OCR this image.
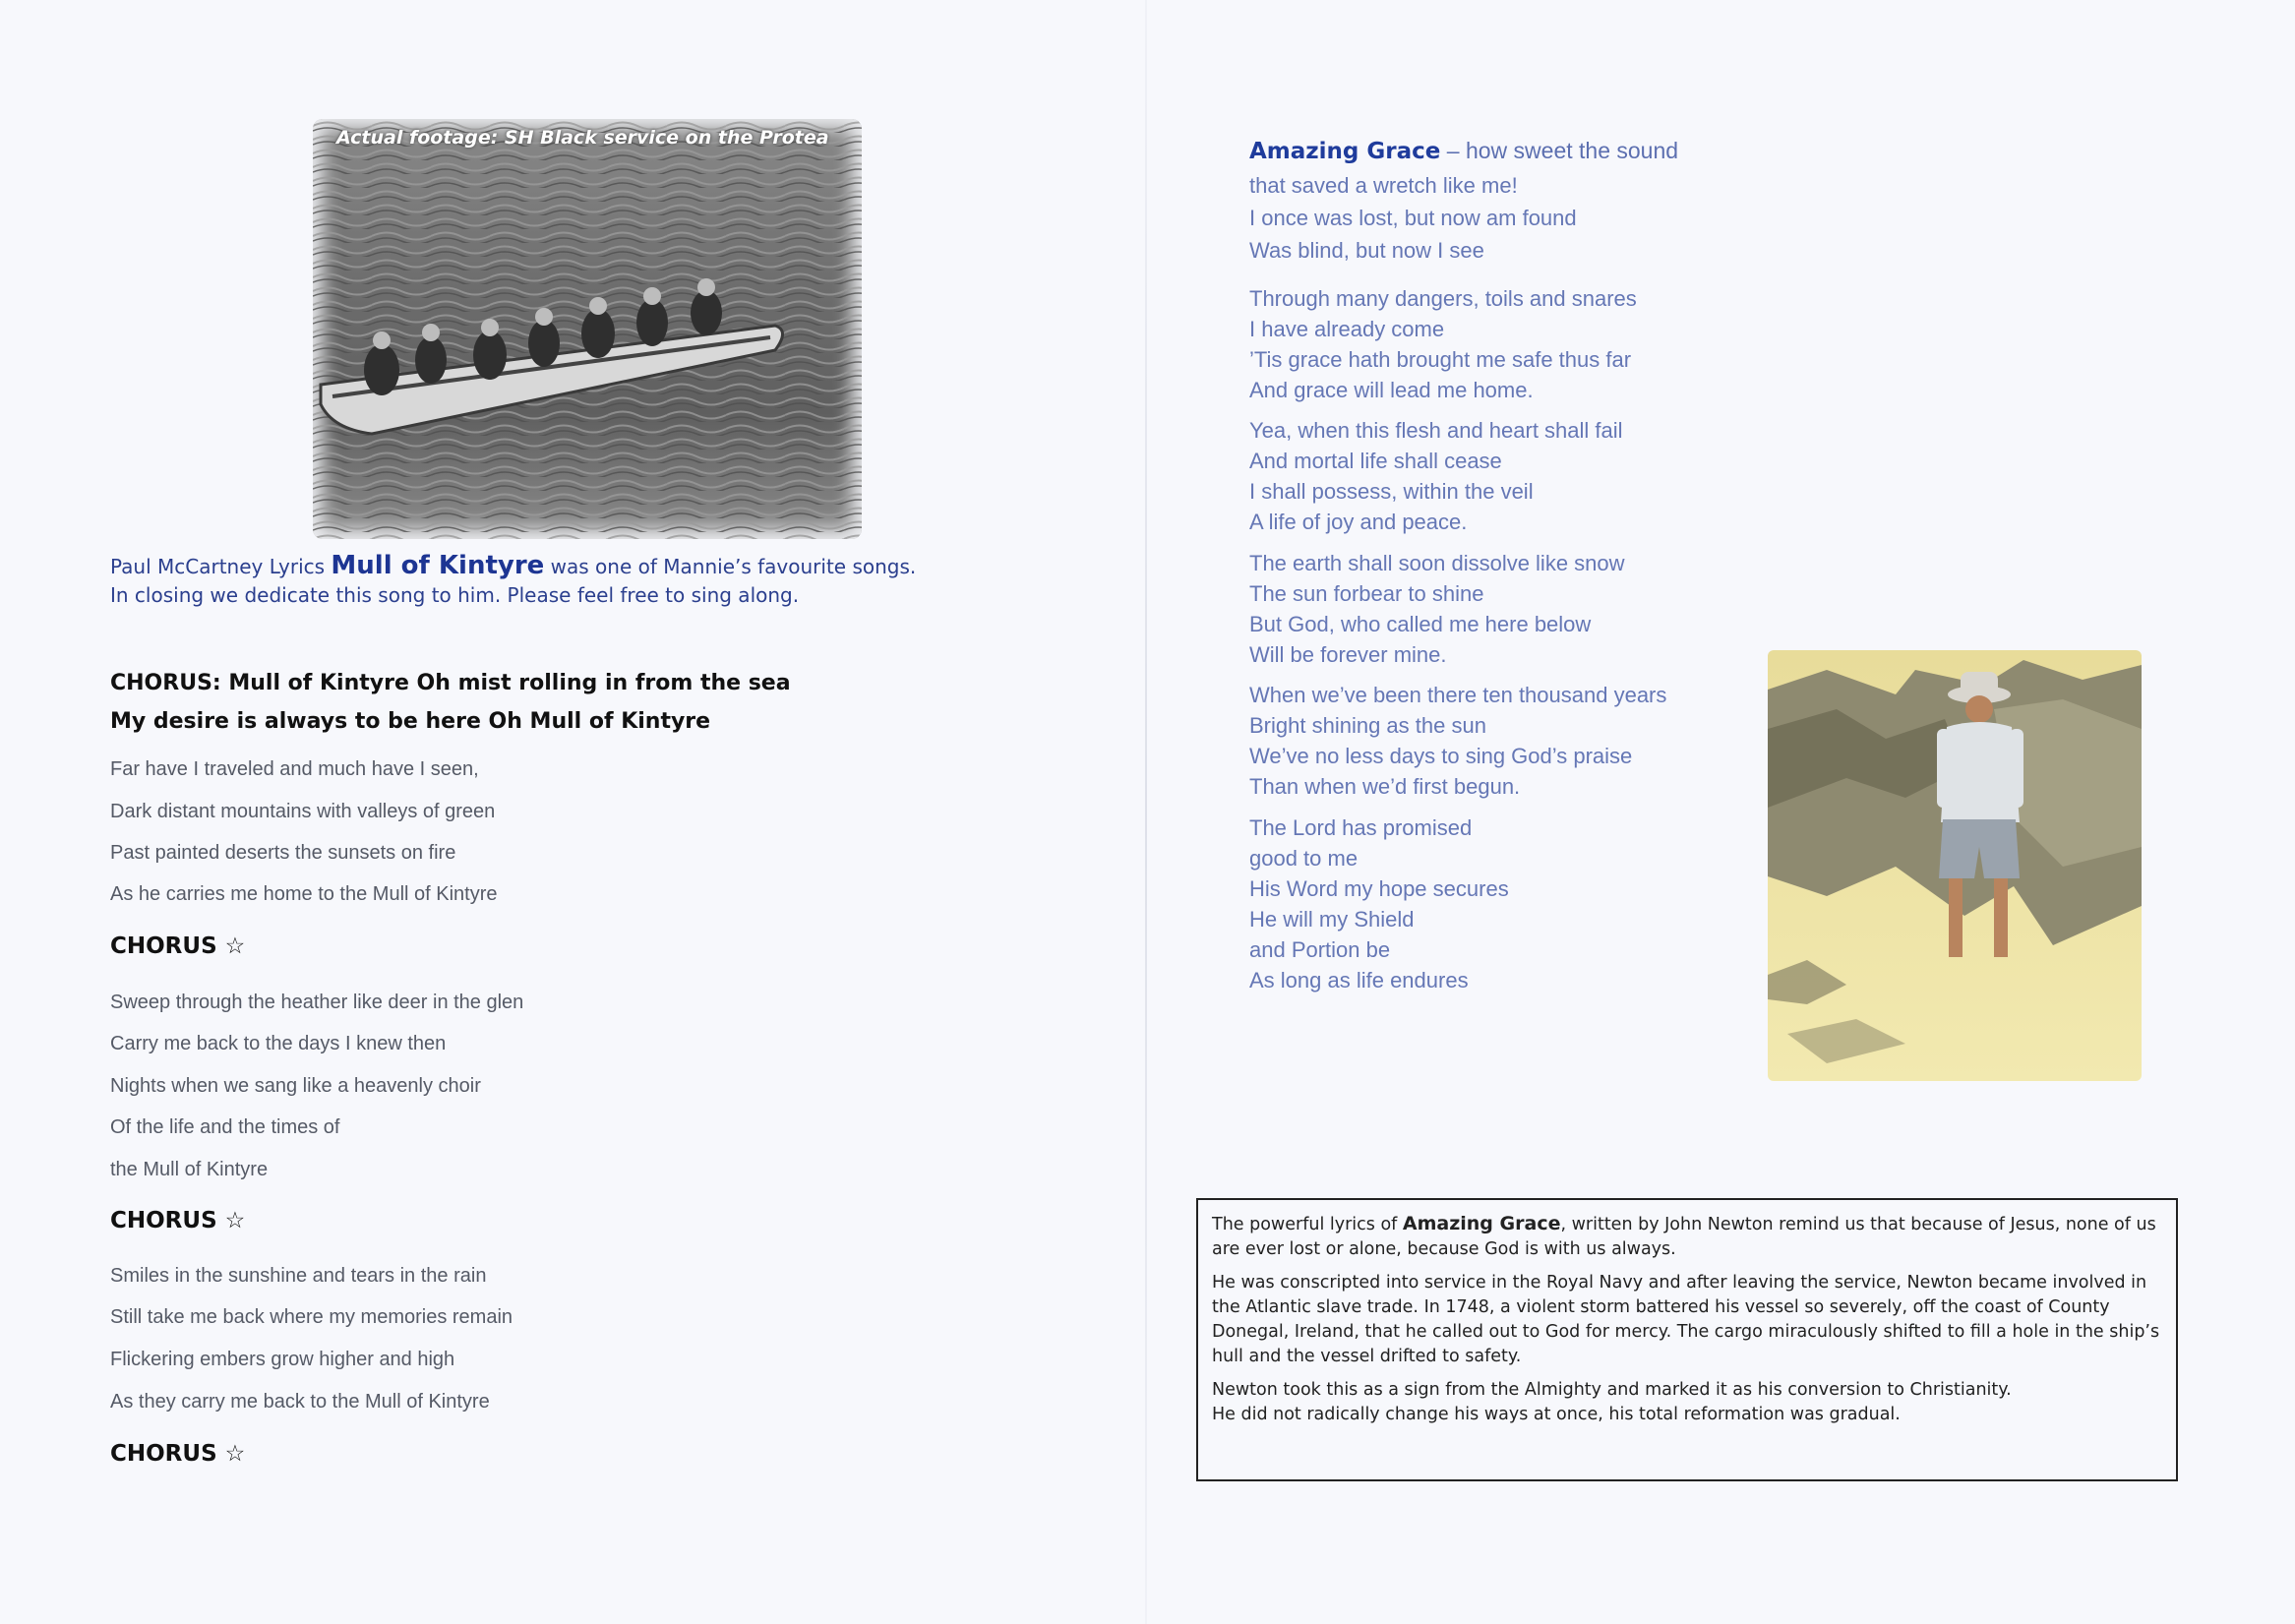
Actual footage: SH Black service on the Protea
Paul McCartney Lyrics Mull of Kintyre was one of Mannie’s favourite songs.
In closing we dedicate this song to him. Please feel free to sing along.
CHORUS: Mull of Kintyre Oh mist rolling in from the sea
My desire is always to be here Oh Mull of Kintyre
Far have I traveled and much have I seen,
Dark distant mountains with valleys of green
Past painted deserts the sunsets on fire
As he carries me home to the Mull of Kintyre
CHORUS ☆
Sweep through the heather like deer in the glen
Carry me back to the days I knew then
Nights when we sang like a heavenly choir
Of the life and the times of
the Mull of Kintyre
CHORUS ☆
Smiles in the sunshine and tears in the rain
Still take me back where my memories remain
Flickering embers grow higher and high
As they carry me back to the Mull of Kintyre
CHORUS ☆
Amazing Grace – how sweet the sound
that saved a wretch like me!
I once was lost, but now am found
Was blind, but now I see
Through many dangers, toils and snares
I have already come
’Tis grace hath brought me safe thus far
And grace will lead me home.
Yea, when this flesh and heart shall fail
And mortal life shall cease
I shall possess, within the veil
A life of joy and peace.
The earth shall soon dissolve like snow
The sun forbear to shine
But God, who called me here below
Will be forever mine.
When we’ve been there ten thousand years
Bright shining as the sun
We’ve no less days to sing God’s praise
Than when we’d first begun.
The Lord has promised
good to me
His Word my hope secures
He will my Shield
and Portion be
As long as life endures

The powerful lyrics of Amazing Grace, written by John Newton remind us that because of Jesus, none of us are ever lost or alone, because God is with us always.

He was conscripted into service in the Royal Navy and after leaving the service, Newton became involved in the Atlantic slave trade. In 1748, a violent storm battered his vessel so severely, off the coast of County Donegal, Ireland, that he called out to God for mercy. The cargo miraculously shifted to fill a hole in the ship’s hull and the vessel drifted to safety.

Newton took this as a sign from the Almighty and marked it as his conversion to Christianity.

He did not radically change his ways at once, his total reformation was gradual.
